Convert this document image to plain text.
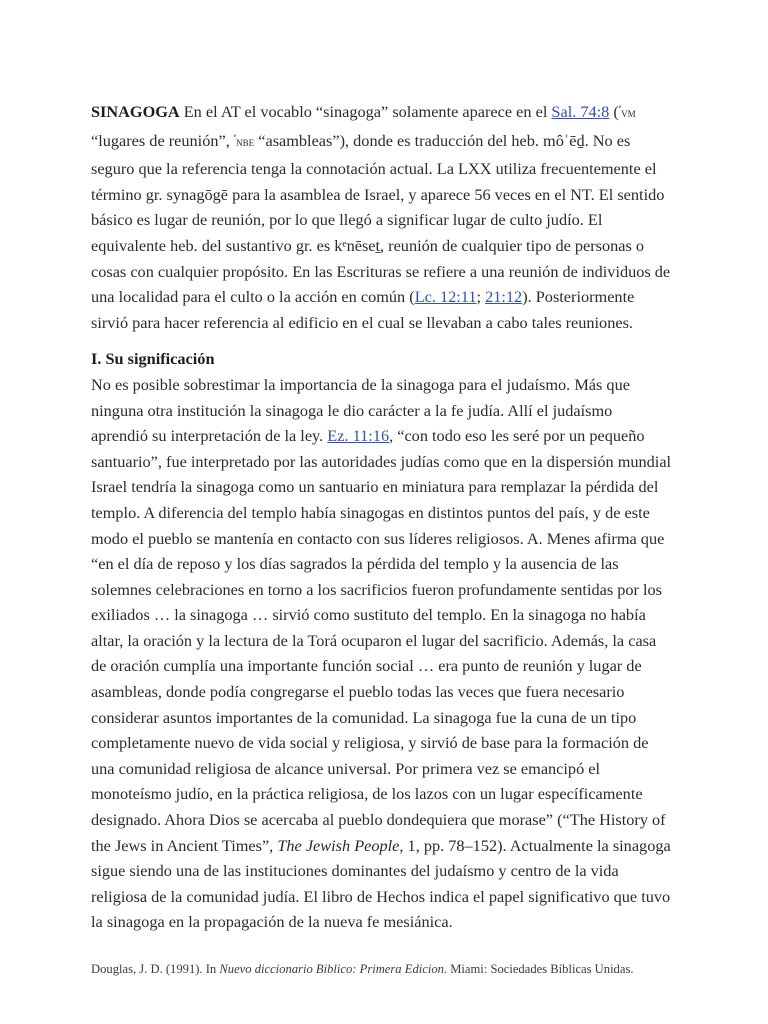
SINAGOGA En el AT el vocablo “sinagoga” solamente aparece en el Sal. 74:8 ($^ᵉ$VM “lugares de reunión”, $^ᵉ$NBE “asambleas”), donde es traducción del heb. môʿēḏ. No es seguro que la referencia tenga la connotación actual. La LXX utiliza frecuentemente el término gr. synagōgē para la asamblea de Israel, y aparece 56 veces en el NT. El sentido básico es lugar de reunión, por lo que llegó a significar lugar de culto judío. El equivalente heb. del sustantivo gr. es kᵉnēseṯ, reunión de cualquier tipo de personas o cosas con cualquier propósito. En las Escrituras se refiere a una reunión de individuos de una localidad para el culto o la acción en común (Lc. 12:11; 21:12). Posteriormente sirvió para hacer referencia al edificio en el cual se llevaban a cabo tales reuniones.

I. Su significación

No es posible sobrestimar la importancia de la sinagoga para el judaísmo. Más que ninguna otra institución la sinagoga le dio carácter a la fe judía. Allí el judaísmo aprendió su interpretación de la ley. Ez. 11:16, “con todo eso les seré por un pequeño santuario”, fue interpretado por las autoridades judías como que en la dispersión mundial Israel tendría la sinagoga como un santuario en miniatura para remplazar la pérdida del templo. A diferencia del templo había sinagogas en distintos puntos del país, y de este modo el pueblo se mantenía en contacto con sus líderes religiosos. A. Menes afirma que “en el día de reposo y los días sagrados la pérdida del templo y la ausencia de las solemnes celebraciones en torno a los sacrificios fueron profundamente sentidas por los exiliados … la sinagoga … sirvió como sustituto del templo. En la sinagoga no había altar, la oración y la lectura de la Torá ocuparon el lugar del sacrificio. Además, la casa de oración cumplía una importante función social … era punto de reunión y lugar de asambleas, donde podía congregarse el pueblo todas las veces que fuera necesario considerar asuntos importantes de la comunidad. La sinagoga fue la cuna de un tipo completamente nuevo de vida social y religiosa, y sirvió de base para la formación de una comunidad religiosa de alcance universal. Por primera vez se emancipó el monoteísmo judío, en la práctica religiosa, de los lazos con un lugar específicamente designado. Ahora Dios se acercaba al pueblo dondequiera que morase” (“The History of the Jews in Ancient Times”, The Jewish People, 1, pp. 78–152). Actualmente la sinagoga sigue siendo una de las instituciones dominantes del judaísmo y centro de la vida religiosa de la comunidad judía. El libro de Hechos indica el papel significativo que tuvo la sinagoga en la propagación de la nueva fe mesiánica.

Douglas, J. D. (1991). In Nuevo diccionario Biblico: Primera Edicion. Miami: Sociedades Bíblicas Unidas.
